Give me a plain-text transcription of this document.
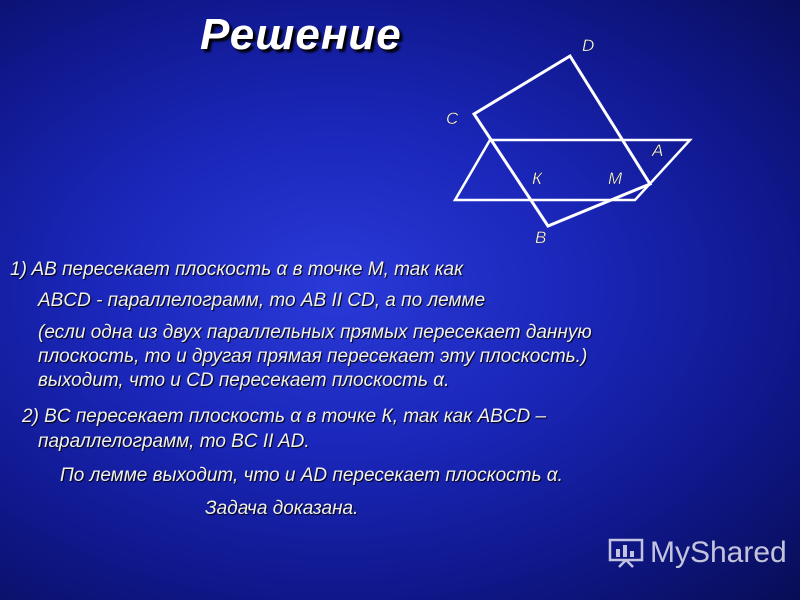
Решение	D
C
A
К	M
B
1) AB пересекает плоскость α в точке M, так как
ABCD - параллелограмм, то AB II CD, а по лемме
(если одна из двух параллельных прямых пересекает данную
плоскость, то и другая прямая пересекает эту плоскость.)
выходит, что и CD пересекает плоскость α.
2) BC пересекает плоскость α в точке К, так как ABCD –
параллелограмм, то BC II AD.
По лемме выходит, что и AD пересекает плоскость α.
Задача доказана.
MyShared
